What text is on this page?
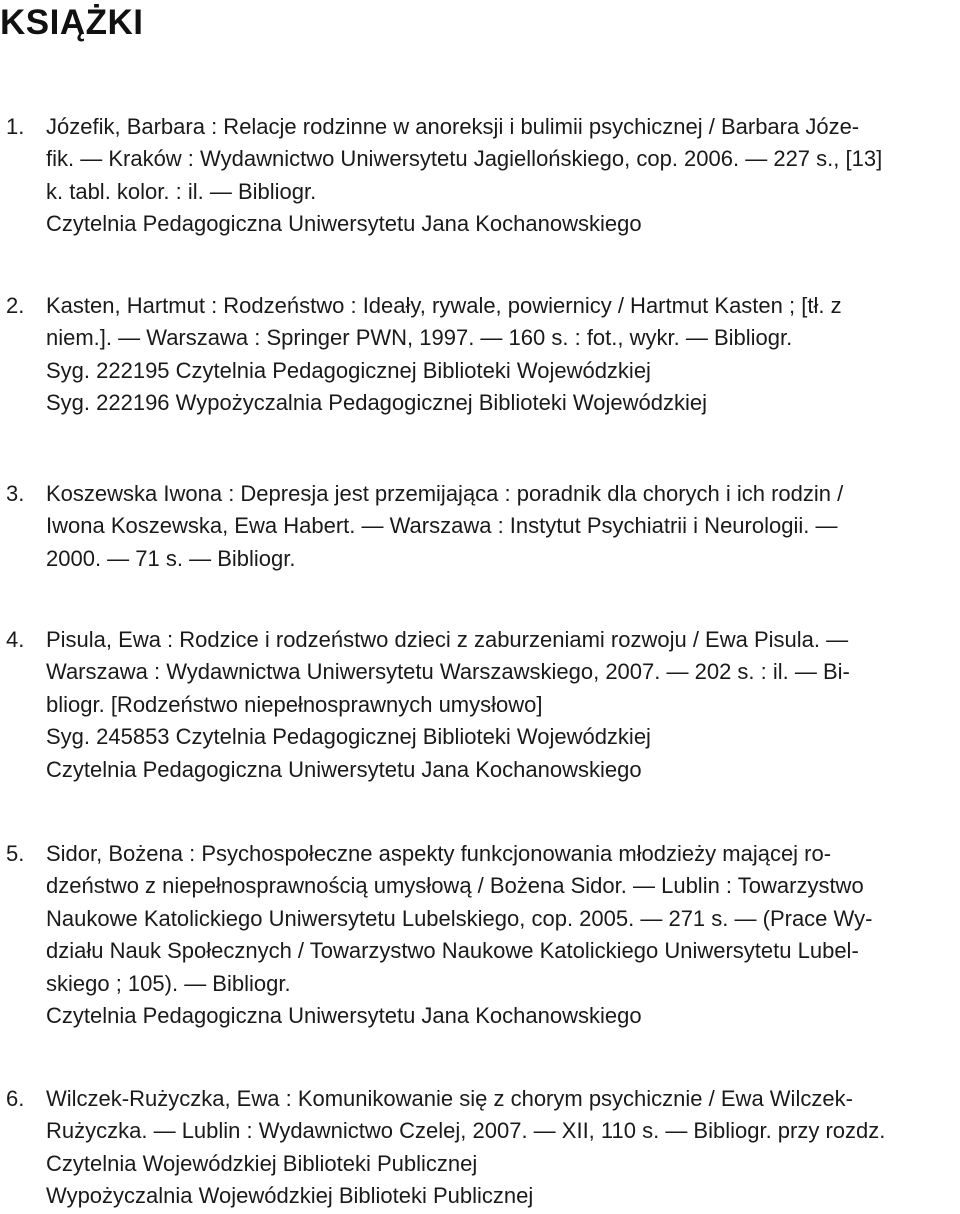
KSIĄŻKI
1. Józefik, Barbara : Relacje rodzinne w anoreksji i bulimii psychicznej / Barbara Józe-
fik. — Kraków : Wydawnictwo Uniwersytetu Jagiellońskiego, cop. 2006. — 227 s., [13]
k. tabl. kolor. : il. — Bibliogr.
Czytelnia Pedagogiczna Uniwersytetu Jana Kochanowskiego
2. Kasten, Hartmut : Rodzeństwo : Ideały, rywale, powiernicy / Hartmut Kasten ; [tł. z
niem.]. — Warszawa : Springer PWN, 1997. — 160 s. : fot., wykr. — Bibliogr.
Syg. 222195 Czytelnia Pedagogicznej Biblioteki Wojewódzkiej
Syg. 222196 Wypożyczalnia Pedagogicznej Biblioteki Wojewódzkiej
3. Koszewska Iwona : Depresja jest przemijająca : poradnik dla chorych i ich rodzin /
Iwona Koszewska, Ewa Habert. — Warszawa : Instytut Psychiatrii i Neurologii. —
2000. — 71 s. — Bibliogr.
4. Pisula, Ewa : Rodzice i rodzeństwo dzieci z zaburzeniami rozwoju / Ewa Pisula. —
Warszawa : Wydawnictwa Uniwersytetu Warszawskiego, 2007. — 202 s. : il. — Bi-
bliogr. [Rodzeństwo niepełnosprawnych umysłowo]
Syg. 245853 Czytelnia Pedagogicznej Biblioteki Wojewódzkiej
Czytelnia Pedagogiczna Uniwersytetu Jana Kochanowskiego
5. Sidor, Bożena : Psychospołeczne aspekty funkcjonowania młodzieży mającej ro-
dzeństwo z niepełnosprawnością umysłową / Bożena Sidor. — Lublin : Towarzystwo
Naukowe Katolickiego Uniwersytetu Lubelskiego, cop. 2005. — 271 s. — (Prace Wy-
działu Nauk Społecznych / Towarzystwo Naukowe Katolickiego Uniwersytetu Lubel-
skiego ; 105). — Bibliogr.
Czytelnia Pedagogiczna Uniwersytetu Jana Kochanowskiego
6. Wilczek-Rużyczka, Ewa : Komunikowanie się z chorym psychicznie / Ewa Wilczek-
Rużyczka. — Lublin : Wydawnictwo Czelej, 2007. — XII, 110 s. — Bibliogr. przy rozdz.
Czytelnia Wojewódzkiej Biblioteki Publicznej
Wypożyczalnia Wojewódzkiej Biblioteki Publicznej
